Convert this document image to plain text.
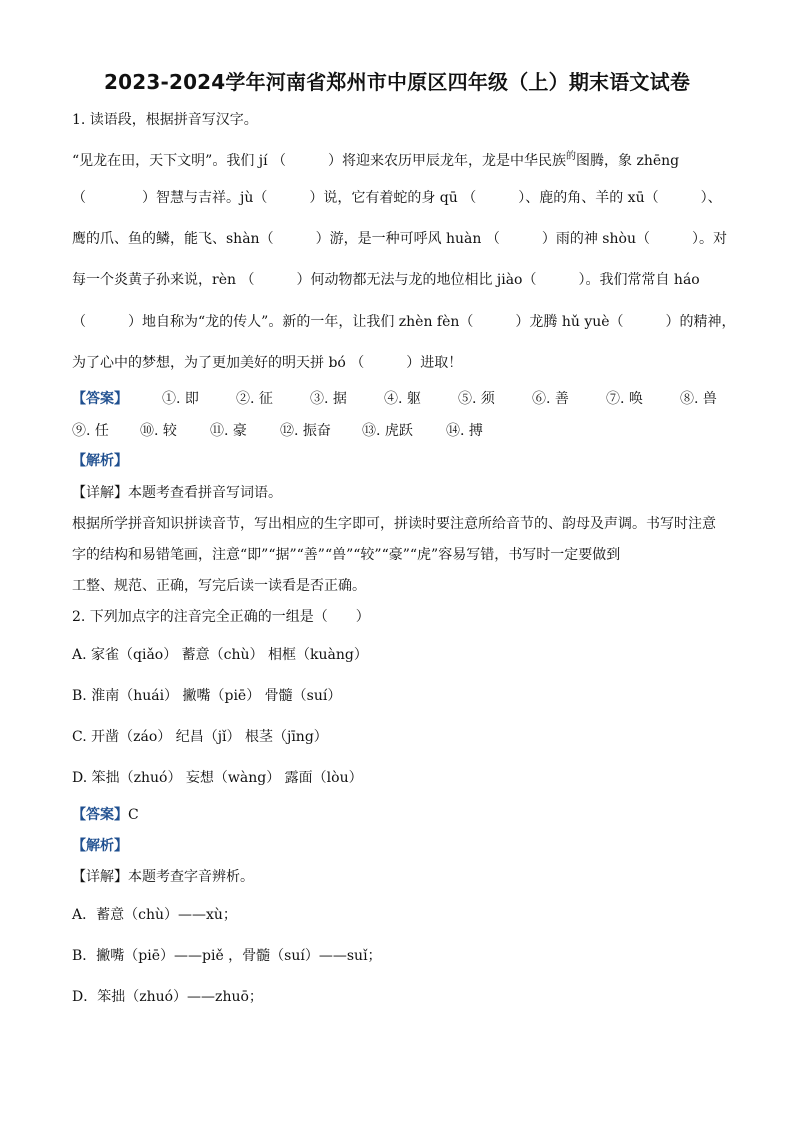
2023-2024学年河南省郑州市中原区四年级（上）期末语文试卷
1. 读语段，根据拼音写汉字。
“见龙在田，天下文明”。我们 jí （　　　）将迎来农历甲辰龙年，龙是中华民族$^的$图腾，象 zhēng
（　　　　）智慧与吉祥。jù（　　　）说，它有着蛇的身 qū （　　　）、鹿的角、羊的 xū（　　　）、
鹰的爪、鱼的鳞，能飞、shàn（　　　）游，是一种可呼风 huàn （　　　）雨的神 shòu（　　　）。对
每一个炎黄子孙来说，rèn （　　　）何动物都无法与龙的地位相比 jiào（　　　）。我们常常自 háo
（　　　）地自称为“龙的传人”。新的一年，让我们 zhèn fèn（　　　）龙腾 hǔ yuè（　　　）的精神，
为了心中的梦想，为了更加美好的明天拼 bó （　　　）进取！
【答案】 ①. 即	②. 征	③. 据	④. 躯	⑤. 须	⑥. 善	⑦. 唤	⑧. 兽
⑨. 任 ⑩. 较 ⑪. 豪 ⑫. 振奋 ⑬. 虎跃 ⑭. 搏
【解析】
【详解】本题考查看拼音写词语。
根据所学拼音知识拼读音节，写出相应的生字即可，拼读时要注意所给音节的、韵母及声调。书写时注意
字的结构和易错笔画，注意“即”“据”“善”“兽”“较”“豪”“虎”容易写错，书写时一定要做到
工整、规范、正确，写完后读一读看是否正确。
2. 下列加点字的注音完全正确的一组是（　　）
A. 家雀（qiǎo） 蓄意（chù） 相框（kuàng）
B. 淮南（huái） 撇嘴（piē） 骨髓（suí）
C. 开凿（záo） 纪昌（jǐ） 根茎（jīng）
D. 笨拙（zhuó） 妄想（wàng） 露面（lòu）
【答案】C
【解析】
【详解】本题考查字音辨析。
A．蓄意（chù）——xù；
B．撇嘴（piē）——piě ，骨髓（suí）——suǐ；
D．笨拙（zhuó）——zhuō；
